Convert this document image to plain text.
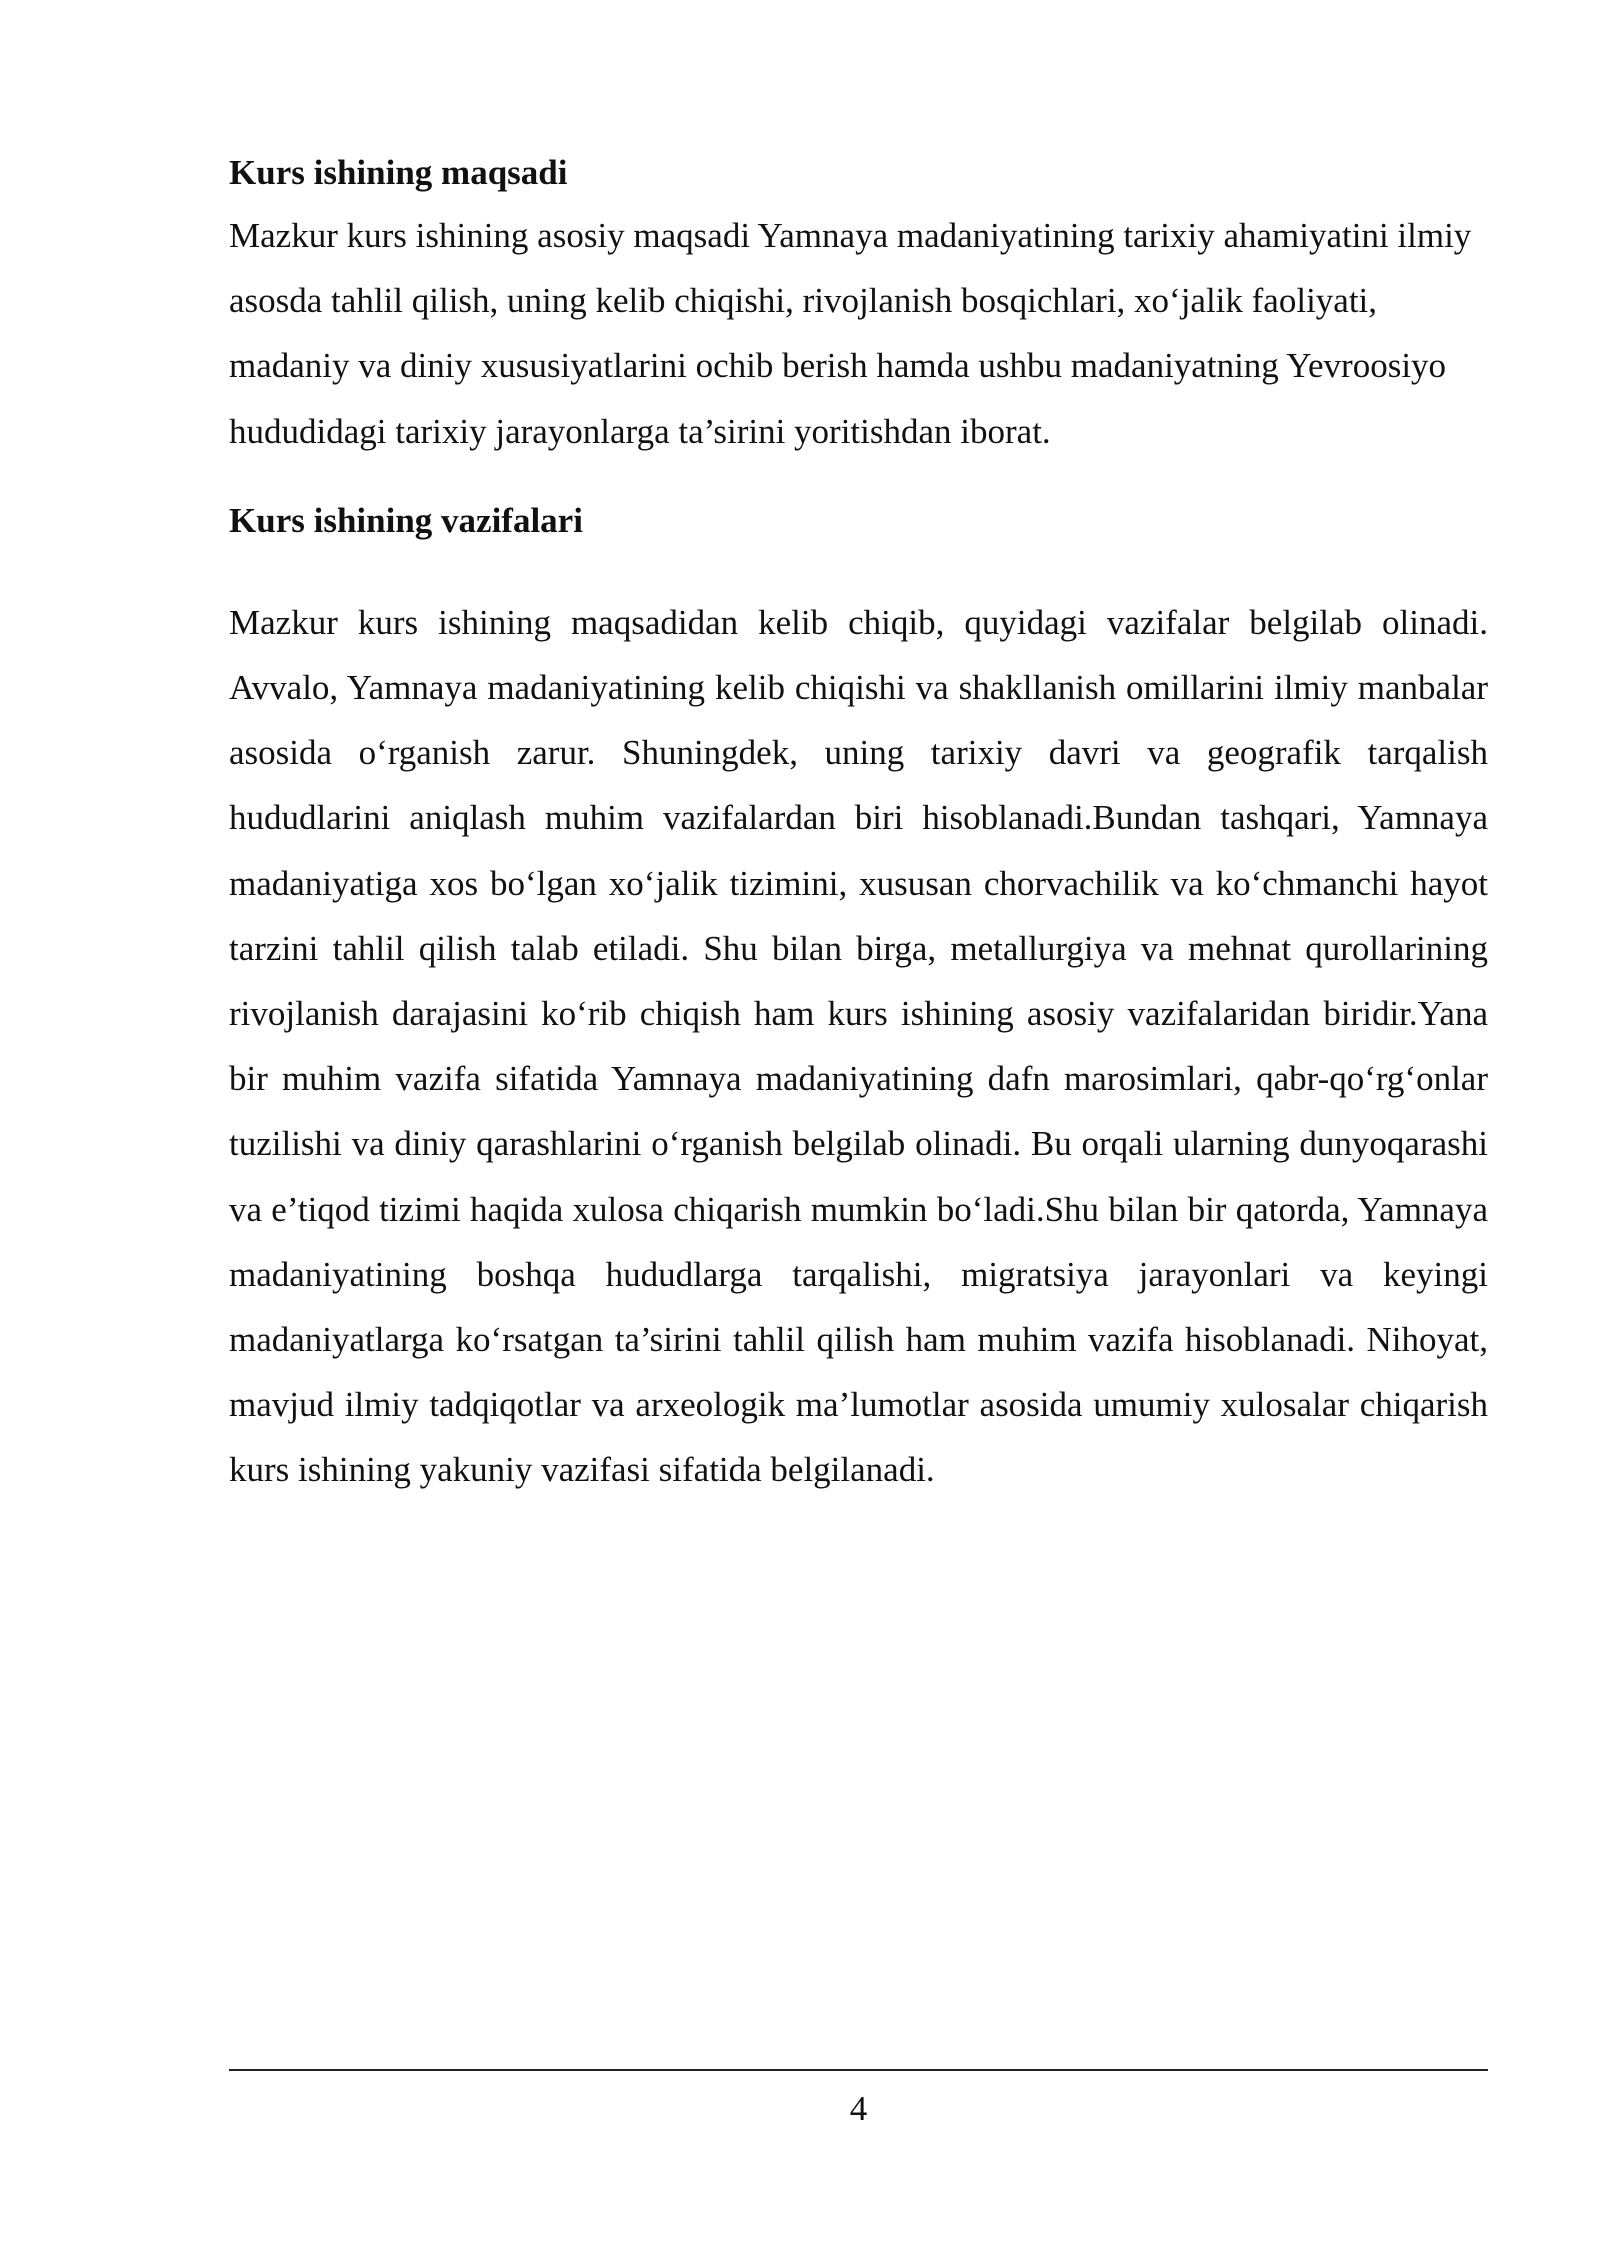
Kurs ishining maqsadi

Mazkur kurs ishining asosiy maqsadi Yamnaya madaniyatining tarixiy ahamiyatini ilmiy asosda tahlil qilish, uning kelib chiqishi, rivojlanish bosqichlari, xo‘jalik faoliyati, madaniy va diniy xususiyatlarini ochib berish hamda ushbu madaniyatning Yevroosiyo hududidagi tarixiy jarayonlarga ta’sirini yoritishdan iborat.

Kurs ishining vazifalari

Mazkur kurs ishining maqsadidan kelib chiqib, quyidagi vazifalar belgilab olinadi. Avvalo, Yamnaya madaniyatining kelib chiqishi va shakllanish omillarini ilmiy manbalar asosida o‘rganish zarur. Shuningdek, uning tarixiy davri va geografik tarqalish hududlarini aniqlash muhim vazifalardan biri hisoblanadi.Bundan tashqari, Yamnaya madaniyatiga xos bo‘lgan xo‘jalik tizimini, xususan chorvachilik va ko‘chmanchi hayot tarzini tahlil qilish talab etiladi. Shu bilan birga, metallurgiya va mehnat qurollarining rivojlanish darajasini ko‘rib chiqish ham kurs ishining asosiy vazifalaridan biridir.Yana bir muhim vazifa sifatida Yamnaya madaniyatining dafn marosimlari, qabr-qo‘rg‘onlar tuzilishi va diniy qarashlarini o‘rganish belgilab olinadi. Bu orqali ularning dunyoqarashi va e’tiqod tizimi haqida xulosa chiqarish mumkin bo‘ladi.Shu bilan bir qatorda, Yamnaya madaniyatining boshqa hududlarga tarqalishi, migratsiya jarayonlari va keyingi madaniyatlarga ko‘rsatgan ta’sirini tahlil qilish ham muhim vazifa hisoblanadi. Nihoyat, mavjud ilmiy tadqiqotlar va arxeologik ma’lumotlar asosida umumiy xulosalar chiqarish kurs ishining yakuniy vazifasi sifatida belgilanadi.

4
